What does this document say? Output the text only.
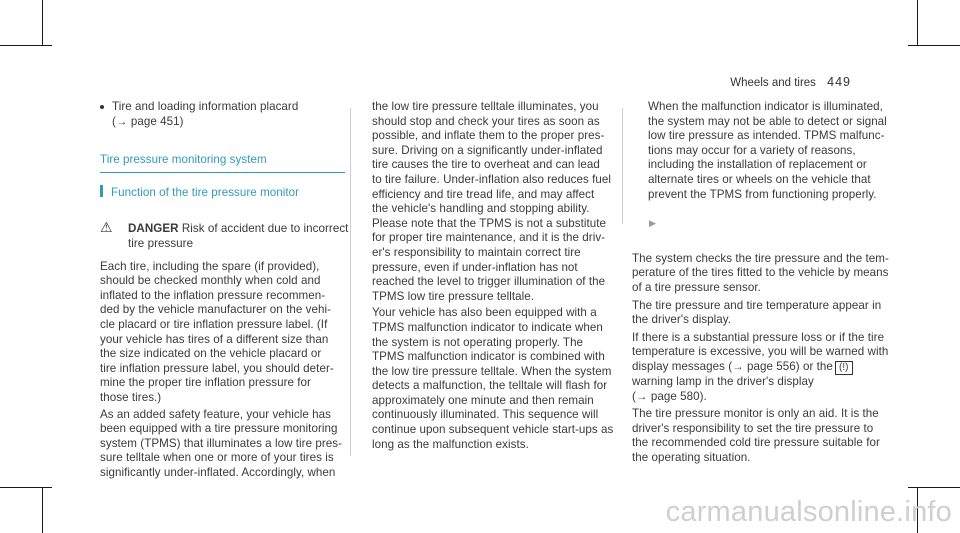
Wheels and tires 449

Tire and loading information placard

(→ page 451)

Tire pressure monitoring system
Function of the tire pressure monitor

⚠ DANGER Risk of accident due to incorrect

tire pressure

Each tire, including the spare (if provided),

should be checked monthly when cold and

inflated to the inflation pressure recommen-

ded by the vehicle manufacturer on the vehi-

cle placard or tire inflation pressure label. (If

your vehicle has tires of a different size than

the size indicated on the vehicle placard or

tire inflation pressure label, you should deter-

mine the proper tire inflation pressure for

those tires.)

As an added safety feature, your vehicle has

been equipped with a tire pressure monitoring

system (TPMS) that illuminates a low tire pres-

sure telltale when one or more of your tires is

significantly under-inflated. Accordingly, when

the low tire pressure telltale illuminates, you

should stop and check your tires as soon as

possible, and inflate them to the proper pres-

sure. Driving on a significantly under-inflated

tire causes the tire to overheat and can lead

to tire failure. Under-inflation also reduces fuel

efficiency and tire tread life, and may affect

the vehicle's handling and stopping ability.

Please note that the TPMS is not a substitute

for proper tire maintenance, and it is the driv-

er's responsibility to maintain correct tire

pressure, even if under-inflation has not

reached the level to trigger illumination of the

TPMS low tire pressure telltale.

Your vehicle has also been equipped with a

TPMS malfunction indicator to indicate when

the system is not operating properly. The

TPMS malfunction indicator is combined with

the low tire pressure telltale. When the system

detects a malfunction, the telltale will flash for

approximately one minute and then remain

continuously illuminated. This sequence will

continue upon subsequent vehicle start-ups as

long as the malfunction exists.

When the malfunction indicator is illuminated,

the system may not be able to detect or signal

low tire pressure as intended. TPMS malfunc-

tions may occur for a variety of reasons,

including the installation of replacement or

alternate tires or wheels on the vehicle that

prevent the TPMS from functioning properly.

▶

The system checks the tire pressure and the tem-

perature of the tires fitted to the vehicle by means

of a tire pressure sensor.

The tire pressure and tire temperature appear in

the driver's display.

If there is a substantial pressure loss or if the tire

temperature is excessive, you will be warned with

display messages (→ page 556) or the (!)

warning lamp in the driver's display

(→ page 580).

The tire pressure monitor is only an aid. It is the

driver's responsibility to set the tire pressure to

the recommended cold tire pressure suitable for

the operating situation.

carmanualsonline.info
